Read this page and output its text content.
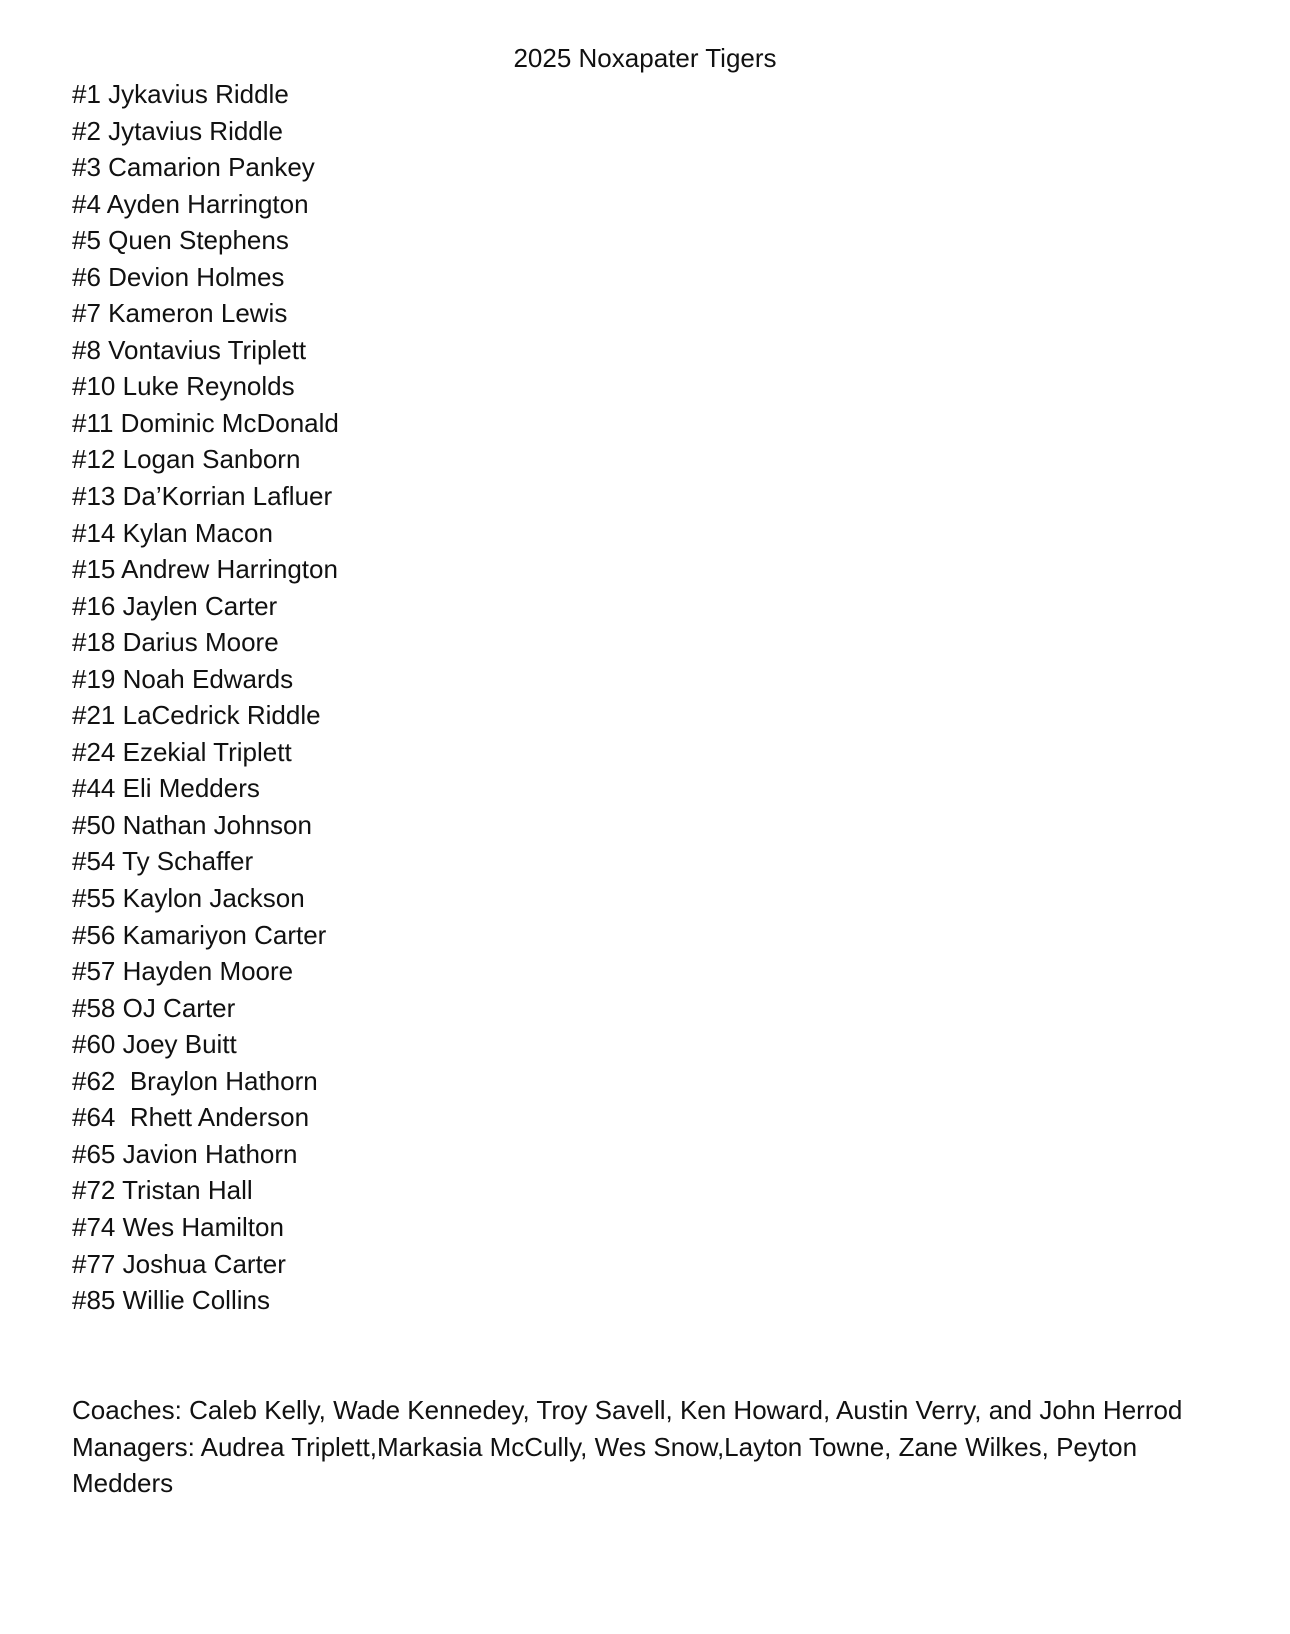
2025 Noxapater Tigers
#1 Jykavius Riddle
#2 Jytavius Riddle
#3 Camarion Pankey
#4 Ayden Harrington
#5 Quen Stephens
#6 Devion Holmes
#7 Kameron Lewis
#8 Vontavius Triplett
#10 Luke Reynolds
#11 Dominic McDonald
#12 Logan Sanborn
#13 Da’Korrian Lafluer
#14 Kylan Macon
#15 Andrew Harrington
#16 Jaylen Carter
#18 Darius Moore
#19 Noah Edwards
#21 LaCedrick Riddle
#24 Ezekial Triplett
#44 Eli Medders
#50 Nathan Johnson
#54 Ty Schaffer
#55 Kaylon Jackson
#56 Kamariyon Carter
#57 Hayden Moore
#58 OJ Carter
#60 Joey Buitt
#62  Braylon Hathorn
#64  Rhett Anderson
#65 Javion Hathorn
#72 Tristan Hall
#74 Wes Hamilton
#77 Joshua Carter
#85 Willie Collins

Coaches: Caleb Kelly, Wade Kennedey, Troy Savell, Ken Howard, Austin Verry, and John Herrod

Managers: Audrea Triplett,Markasia McCully, Wes Snow,Layton Towne, Zane Wilkes, Peyton Medders
